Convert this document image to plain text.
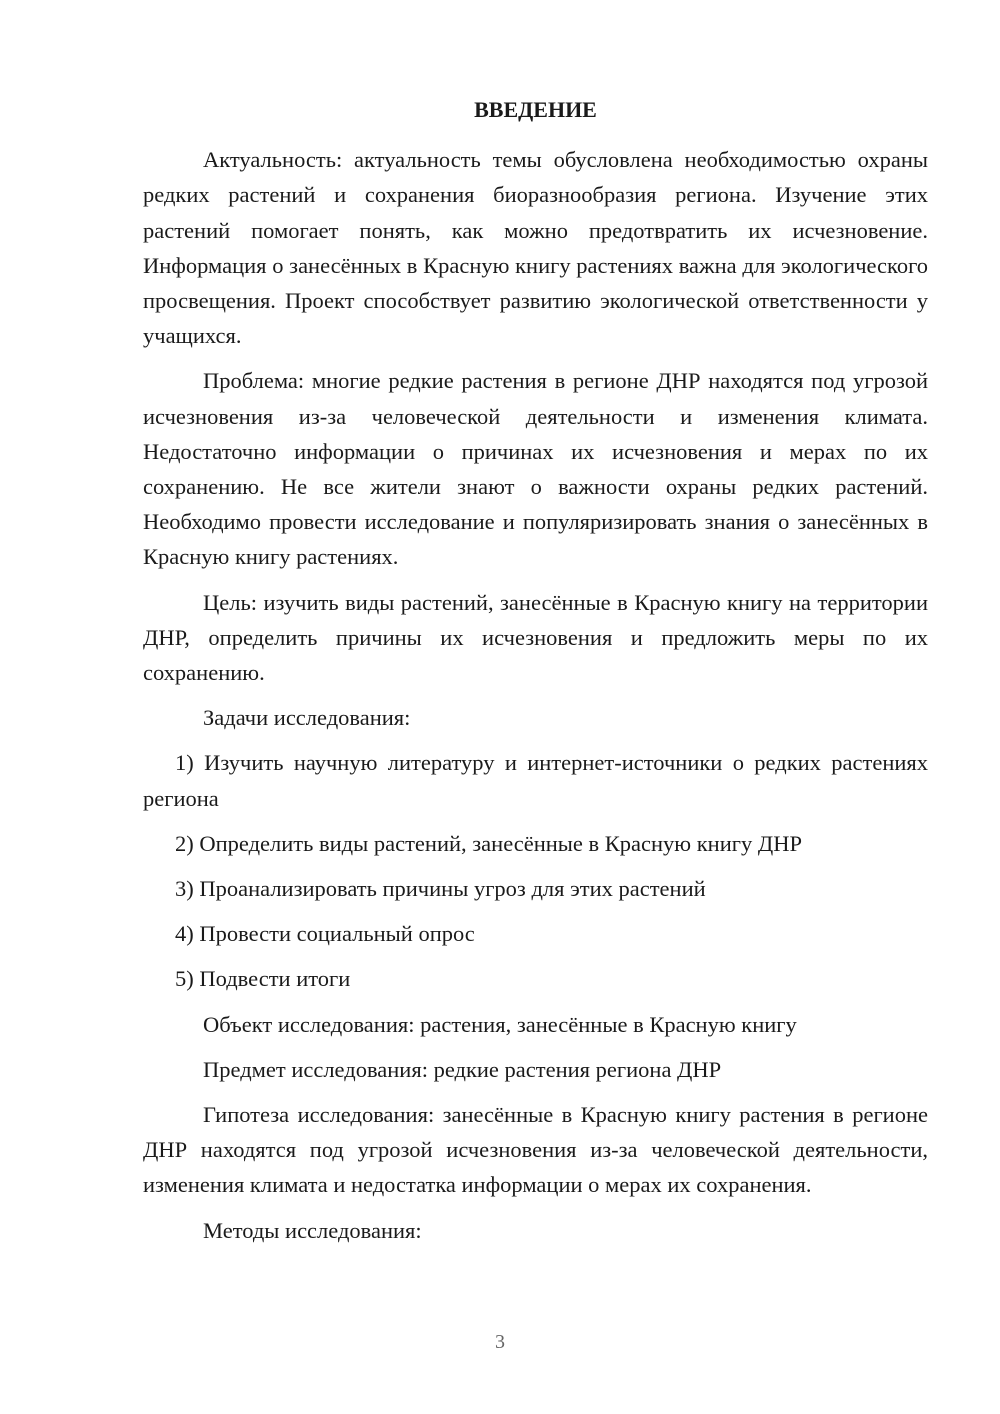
ВВЕДЕНИЕ

Актуальность: актуальность темы обусловлена необходимостью охраны редких растений и сохранения биоразнообразия региона. Изучение этих растений помогает понять, как можно предотвратить их исчезновение. Информация о занесённых в Красную книгу растениях важна для экологического просвещения. Проект способствует развитию экологической ответственности у учащихся.

Проблема: многие редкие растения в регионе ДНР находятся под угрозой исчезновения из-за человеческой деятельности и изменения климата. Недостаточно информации о причинах их исчезновения и мерах по их сохранению. Не все жители знают о важности охраны редких растений. Необходимо провести исследование и популяризировать знания о занесённых в Красную книгу растениях.

Цель: изучить виды растений, занесённые в Красную книгу на территории ДНР, определить причины их исчезновения и предложить меры по их сохранению.

Задачи исследования:

1) Изучить научную литературу и интернет-источники о редких растениях региона

2) Определить виды растений, занесённые в Красную книгу ДНР

3) Проанализировать причины угроз для этих растений

4) Провести социальный опрос

5) Подвести итоги

Объект исследования: растения, занесённые в Красную книгу

Предмет исследования: редкие растения региона ДНР

Гипотеза исследования: занесённые в Красную книгу растения в регионе ДНР находятся под угрозой исчезновения из-за человеческой деятельности, изменения климата и недостатка информации о мерах их сохранения.

Методы исследования:

3
